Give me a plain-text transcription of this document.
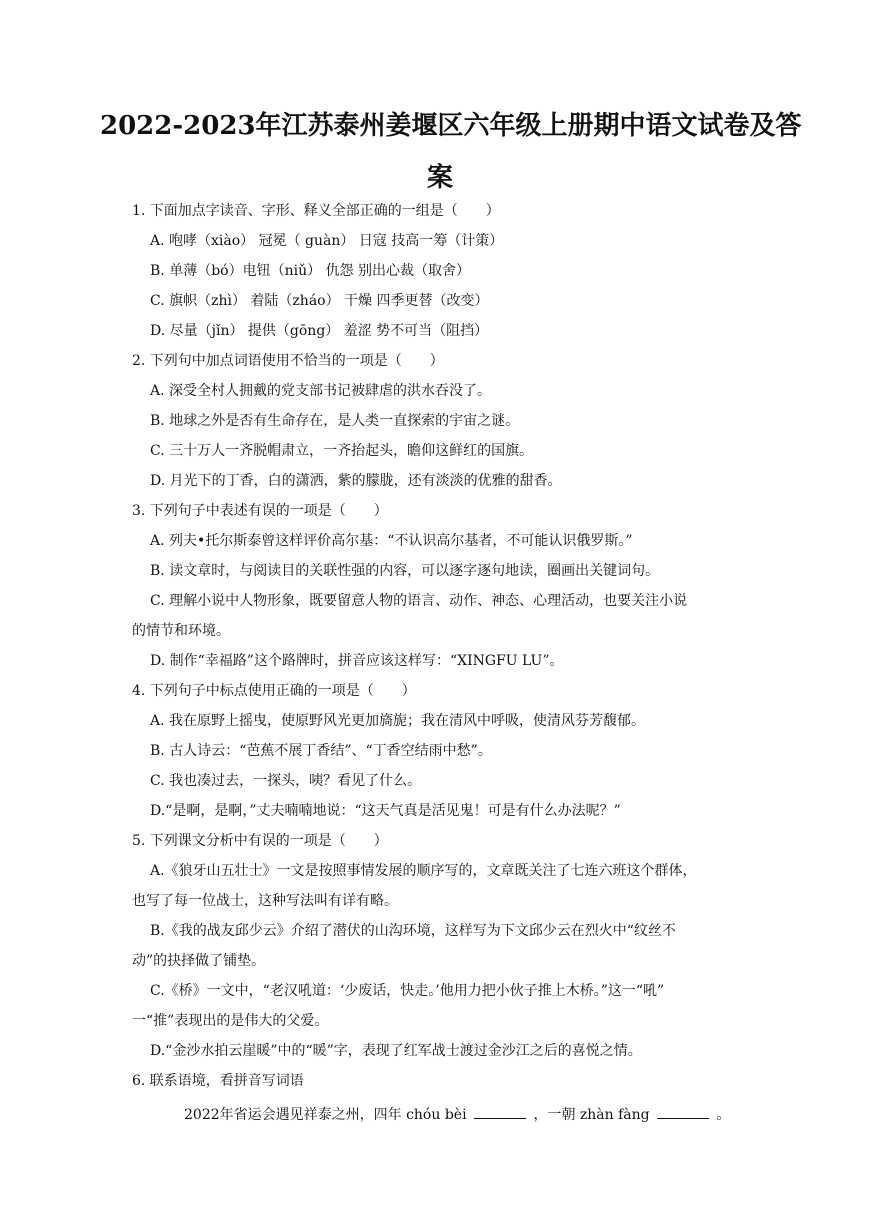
2022-2023年江苏泰州姜堰区六年级上册期中语文试卷及答
案
1. 下面加点字读音、字形、释义全部正确的一组是（　　）
A. 咆哮（xiào） 冠冕（ guàn） 日寇 技高一筹（计策）
B. 单薄（bó）电钮（niǔ） 仇怨 别出心裁（取舍）
C. 旗帜（zhì） 着陆（zháo） 干燥 四季更替（改变）
D. 尽量（jǐn） 提供（gōng） 羞涩 势不可当（阻挡）
2. 下列句中加点词语使用不恰当的一项是（　　）
A. 深受全村人拥戴的党支部书记被肆虐的洪水吞没了。
B. 地球之外是否有生命存在，是人类一直探索的宇宙之谜。
C. 三十万人一齐脱帽肃立，一齐抬起头，瞻仰这鲜红的国旗。
D. 月光下的丁香，白的潇洒，紫的朦胧，还有淡淡的优雅的甜香。
3. 下列句子中表述有误的一项是（　　）
A. 列夫•托尔斯泰曾这样评价高尔基：“不认识高尔基者，不可能认识俄罗斯。”
B. 读文章时，与阅读目的关联性强的内容，可以逐字逐句地读，圈画出关键词句。
C. 理解小说中人物形象，既要留意人物的语言、动作、神态、心理活动，也要关注小说
的情节和环境。
D. 制作“幸福路”这个路牌时，拼音应该这样写：“XINGFU LU”。
4. 下列句子中标点使用正确的一项是（　　）
A. 我在原野上摇曳，使原野风光更加旖旎；我在清风中呼吸，使清风芬芳馥郁。
B. 古人诗云：“芭蕉不展丁香结”、“丁香空结雨中愁”。
C. 我也凑过去，一探头，咦？看见了什么。
D.“是啊，是啊，”丈夫喃喃地说：“这天气真是活见鬼！可是有什么办法呢？”
5. 下列课文分析中有误的一项是（　　）
A.《狼牙山五壮士》一文是按照事情发展的顺序写的，文章既关注了七连六班这个群体，
也写了每一位战士，这种写法叫有详有略。
B.《我的战友邱少云》介绍了潜伏的山沟环境，这样写为下文邱少云在烈火中“纹丝不
动”的抉择做了铺垫。
C.《桥》一文中，“老汉吼道：‘少废话，快走。’他用力把小伙子推上木桥。”这一“吼”
一“推”表现出的是伟大的父爱。
D.“金沙水拍云崖暖”中的“暖”字，表现了红军战士渡过金沙江之后的喜悦之情。
6. 联系语境，看拼音写词语
2022年省运会遇见祥泰之州，四年 chóu bèi	，一朝 zhàn fàng	。
